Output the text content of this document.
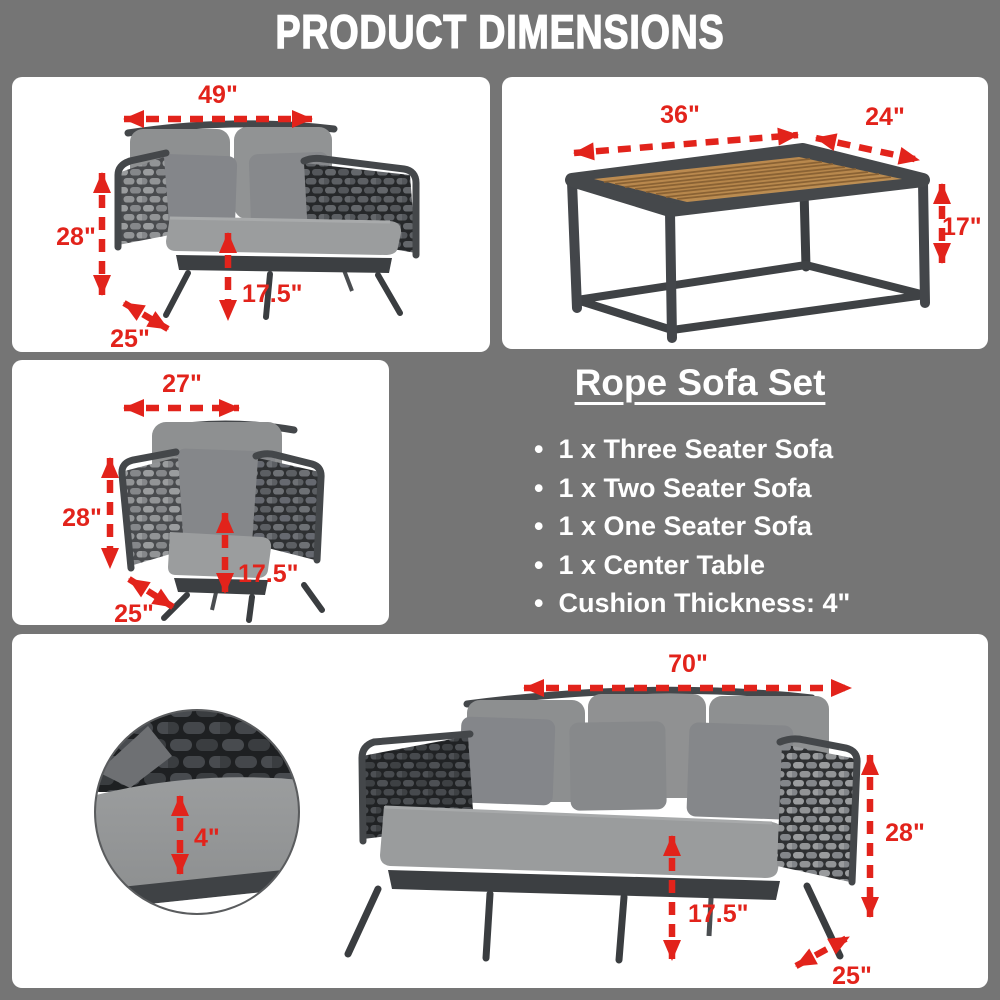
PRODUCT DIMENSIONS
49"
28"
17.5"
25"
36"	24"
17"
27"
28"
17.5"
25"
Rope Sofa Set
• 1 x Three Seater Sofa
• 1 x Two Seater Sofa
• 1 x One Seater Sofa
• 1 x Center Table
• Cushion Thickness: 4"
4"
70"
28"
17.5"
25"
